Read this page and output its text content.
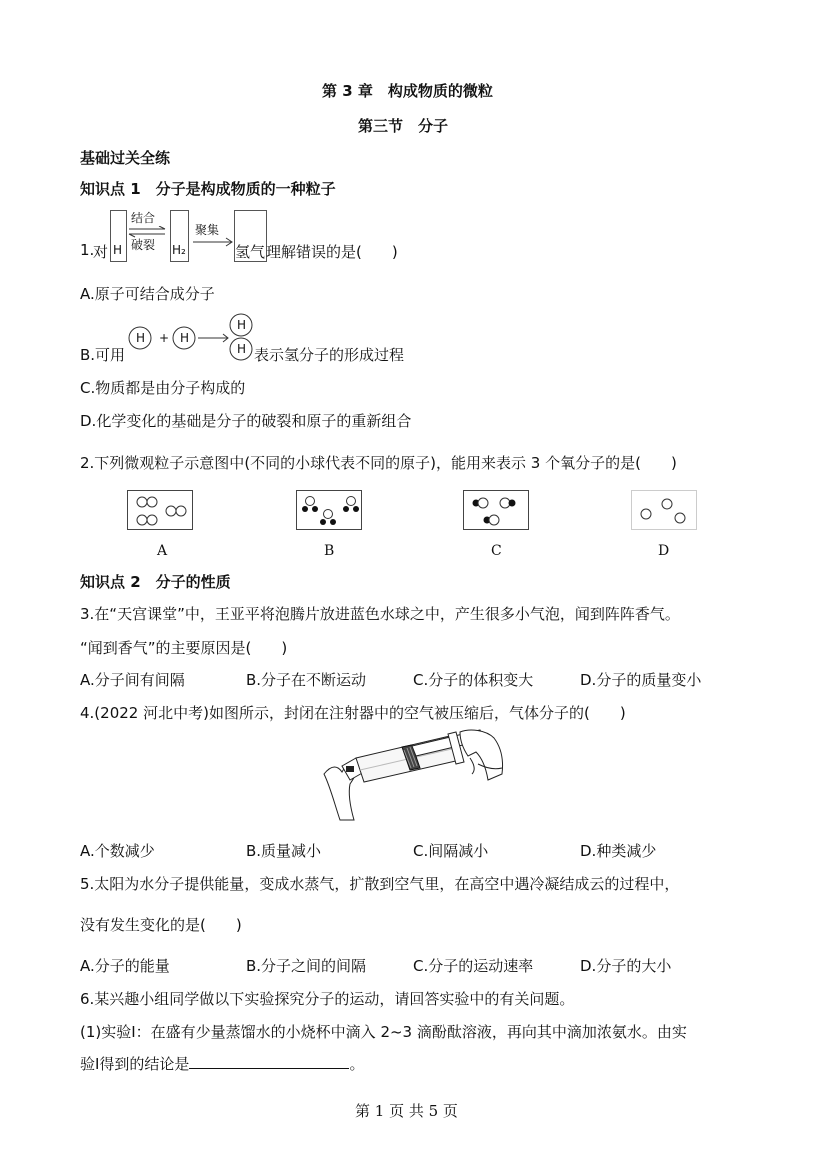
第 3 章　构成物质的微粒
第三节　分子
基础过关全练
知识点 1　分子是构成物质的一种粒子
1.
对 H
结合
破裂 H₂
聚集
氢气 理解错误的是(　　)
A.原子可结合成分子
B.可用
H + H
H
H 表示氢分子的形成过程
C.物质都是由分子构成的
D.化学变化的基础是分子的破裂和原子的重新组合
2.下列微观粒子示意图中(不同的小球代表不同的原子)，能用来表示 3 个氧分子的是(　　)
A	B	C	D
知识点 2　分子的性质
3.在“天宫课堂”中，王亚平将泡腾片放进蓝色水球之中，产生很多小气泡，闻到阵阵香气。
“闻到香气”的主要原因是(　　)
A.分子间有间隔	B.分子在不断运动	C.分子的体积变大	D.分子的质量变小
4.(2022 河北中考)如图所示，封闭在注射器中的空气被压缩后，气体分子的(　　)
A.个数减少	B.质量减小	C.间隔减小	D.种类减少
5.太阳为水分子提供能量，变成水蒸气，扩散到空气里，在高空中遇冷凝结成云的过程中，
没有发生变化的是(　　)
A.分子的能量	B.分子之间的间隔	C.分子的运动速率	D.分子的大小
6.某兴趣小组同学做以下实验探究分子的运动，请回答实验中的有关问题。
(1)实验Ⅰ：在盛有少量蒸馏水的小烧杯中滴入 2~3 滴酚酞溶液，再向其中滴加浓氨水。由实
验Ⅰ得到的结论是	。
第 1 页 共 5 页
